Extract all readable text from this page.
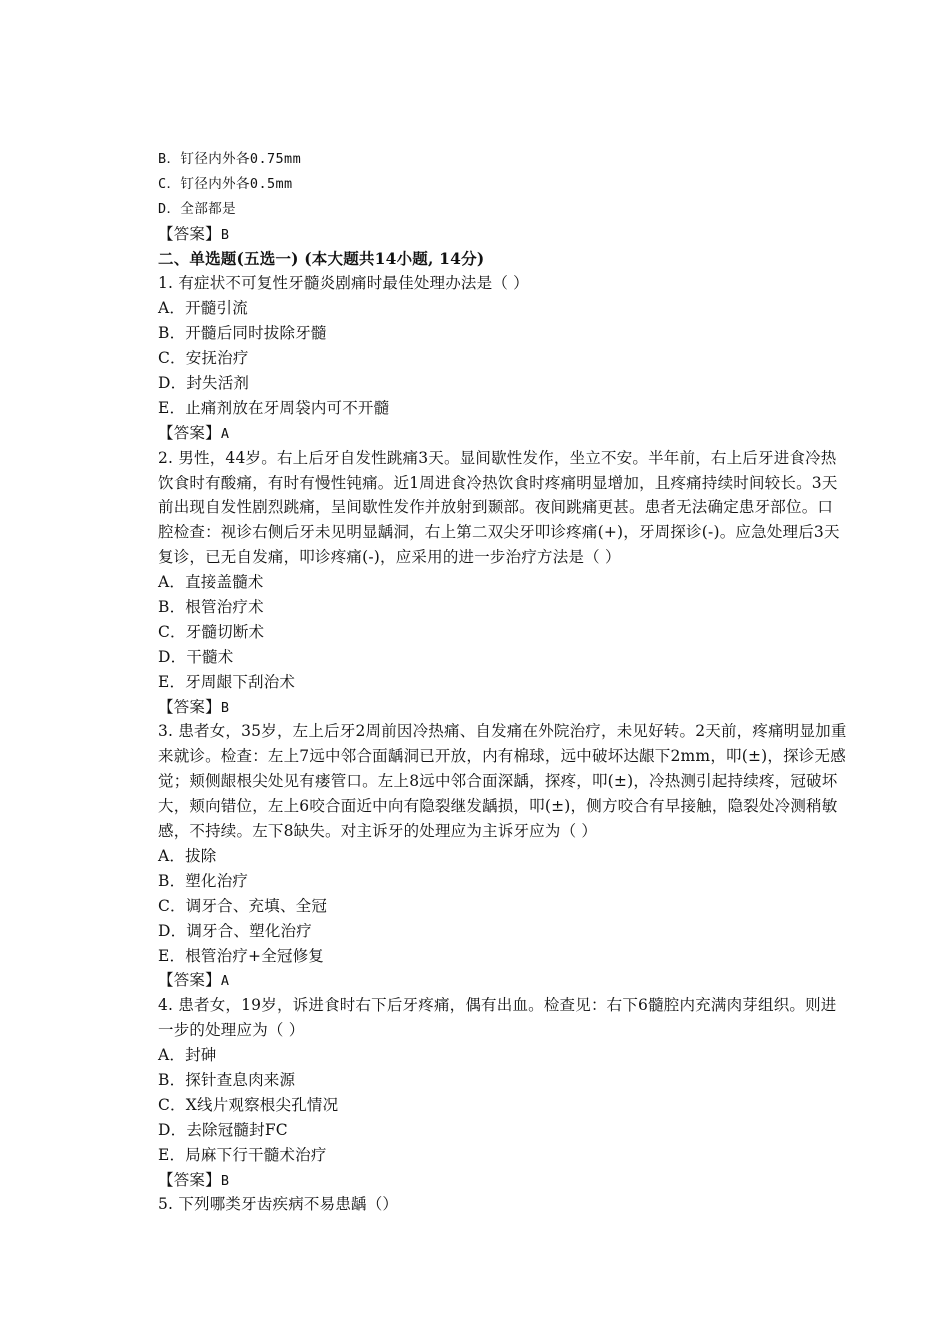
B．钉径内外各0.75mm
C．钉径内外各0.5mm
D．全部都是
【答案】B
二、单选题(五选一) (本大题共14小题, 14分)
1. 有症状不可复性牙髓炎剧痛时最佳处理办法是（ ）
A．开髓引流
B．开髓后同时拔除牙髓
C．安抚治疗
D．封失活剂
E．止痛剂放在牙周袋内可不开髓
【答案】A
2. 男性，44岁。右上后牙自发性跳痛3天。显间歇性发作，坐立不安。半年前，右上后牙进食冷热
饮食时有酸痛，有时有慢性钝痛。近1周进食冷热饮食时疼痛明显增加，且疼痛持续时间较长。3天
前出现自发性剧烈跳痛，呈间歇性发作并放射到颞部。夜间跳痛更甚。患者无法确定患牙部位。口
腔检查：视诊右侧后牙未见明显龋洞，右上第二双尖牙叩诊疼痛(+)，牙周探诊(-)。应急处理后3天
复诊，已无自发痛，叩诊疼痛(-)，应采用的进一步治疗方法是（ ）
A．直接盖髓术
B．根管治疗术
C．牙髓切断术
D．干髓术
E．牙周龈下刮治术
【答案】B
3. 患者女，35岁，左上后牙2周前因冷热痛、自发痛在外院治疗，未见好转。2天前，疼痛明显加重
来就诊。检查：左上7远中邻合面龋洞已开放，内有棉球，远中破坏达龈下2mm，叩(±)，探诊无感
觉；颊侧龈根尖处见有瘘管口。左上8远中邻合面深龋，探疼，叩(±)，冷热测引起持续疼，冠破坏
大，颊向错位，左上6咬合面近中向有隐裂继发龋损，叩(±)，侧方咬合有早接触，隐裂处冷测稍敏
感，不持续。左下8缺失。对主诉牙的处理应为主诉牙应为（ ）
A．拔除
B．塑化治疗
C．调牙合、充填、全冠
D．调牙合、塑化治疗
E．根管治疗+全冠修复
【答案】A
4. 患者女，19岁，诉进食时右下后牙疼痛，偶有出血。检查见：右下6髓腔内充满肉芽组织。则进
一步的处理应为（ ）
A．封砷
B．探针查息肉来源
C．X线片观察根尖孔情况
D．去除冠髓封FC
E．局麻下行干髓术治疗
【答案】B
5. 下列哪类牙齿疾病不易患龋（）
